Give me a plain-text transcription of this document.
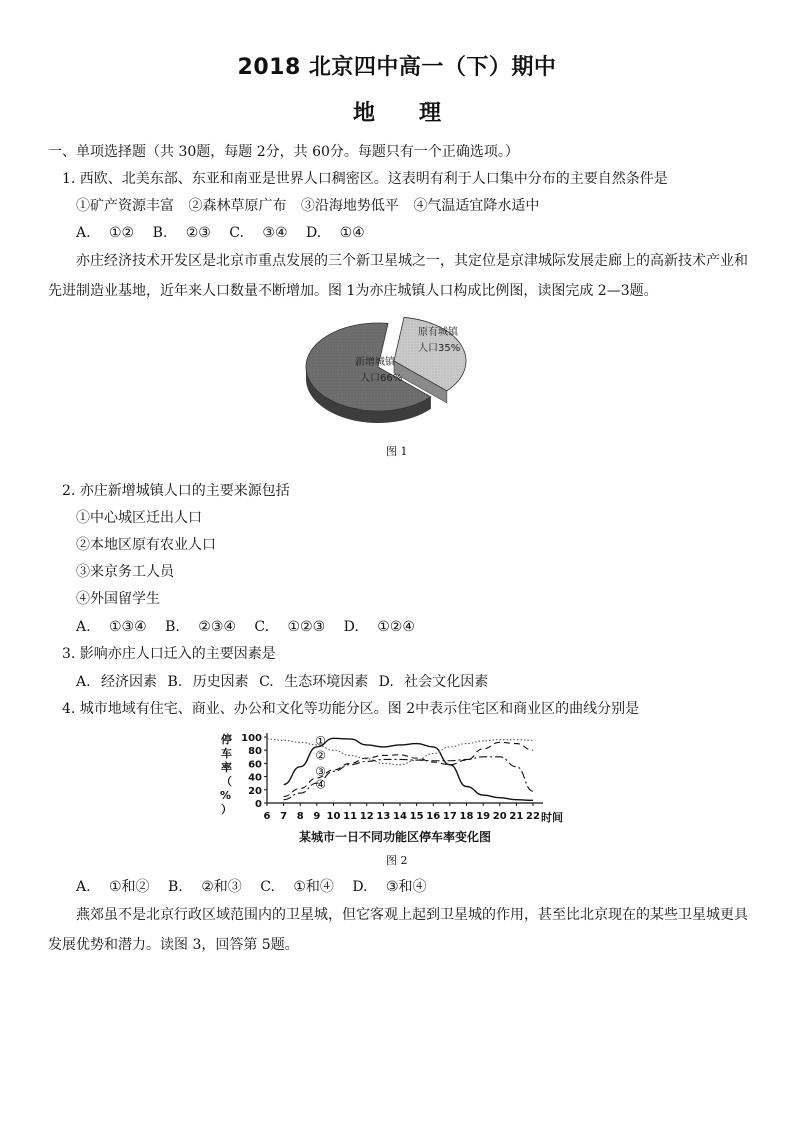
2018 北京四中高一（下）期中
地　　理
一、单项选择题（共 30题，每题 2分，共 60分。每题只有一个正确选项。）
1. 西欧、北美东部、东亚和南亚是世界人口稠密区。这表明有利于人口集中分布的主要自然条件是
①矿产资源丰富 ②森林草原广布 ③沿海地势低平 ④气温适宜降水适中
A. ①② B. ②③ C. ③④ D. ①④
亦庄经济技术开发区是北京市重点发展的三个新卫星城之一，其定位是京津城际发展走廊上的高新技术产业和先进制造业基地，近年来人口数量不断增加。图 1为亦庄城镇人口构成比例图，读图完成 2—3题。
新增城镇
人口66%
原有城镇
人口35%
图 1
2. 亦庄新增城镇人口的主要来源包括
①中心城区迁出人口
②本地区原有农业人口
③来京务工人员
④外国留学生
A. ①③④ B. ②③④ C. ①②③ D. ①②④
3. 影响亦庄人口迁入的主要因素是
A. 经济因素 B. 历史因素 C. 生态环境因素 D. 社会文化因素
4. 城市地域有住宅、商业、办公和文化等功能分区。图 2中表示住宅区和商业区的曲线分别是
0
20
40
60
80
100
6 7 8 9 10 11 12 13 14 15 16 17 18 19 20 21 22
①
②
③
④
停
车
率
（
%
）
时间
某城市一日不同功能区停车率变化图
图 2
A. ①和② B. ②和③ C. ①和④ D. ③和④
燕郊虽不是北京行政区域范围内的卫星城，但它客观上起到卫星城的作用，甚至比北京现在的某些卫星城更具发展优势和潜力。读图 3，回答第 5题。
